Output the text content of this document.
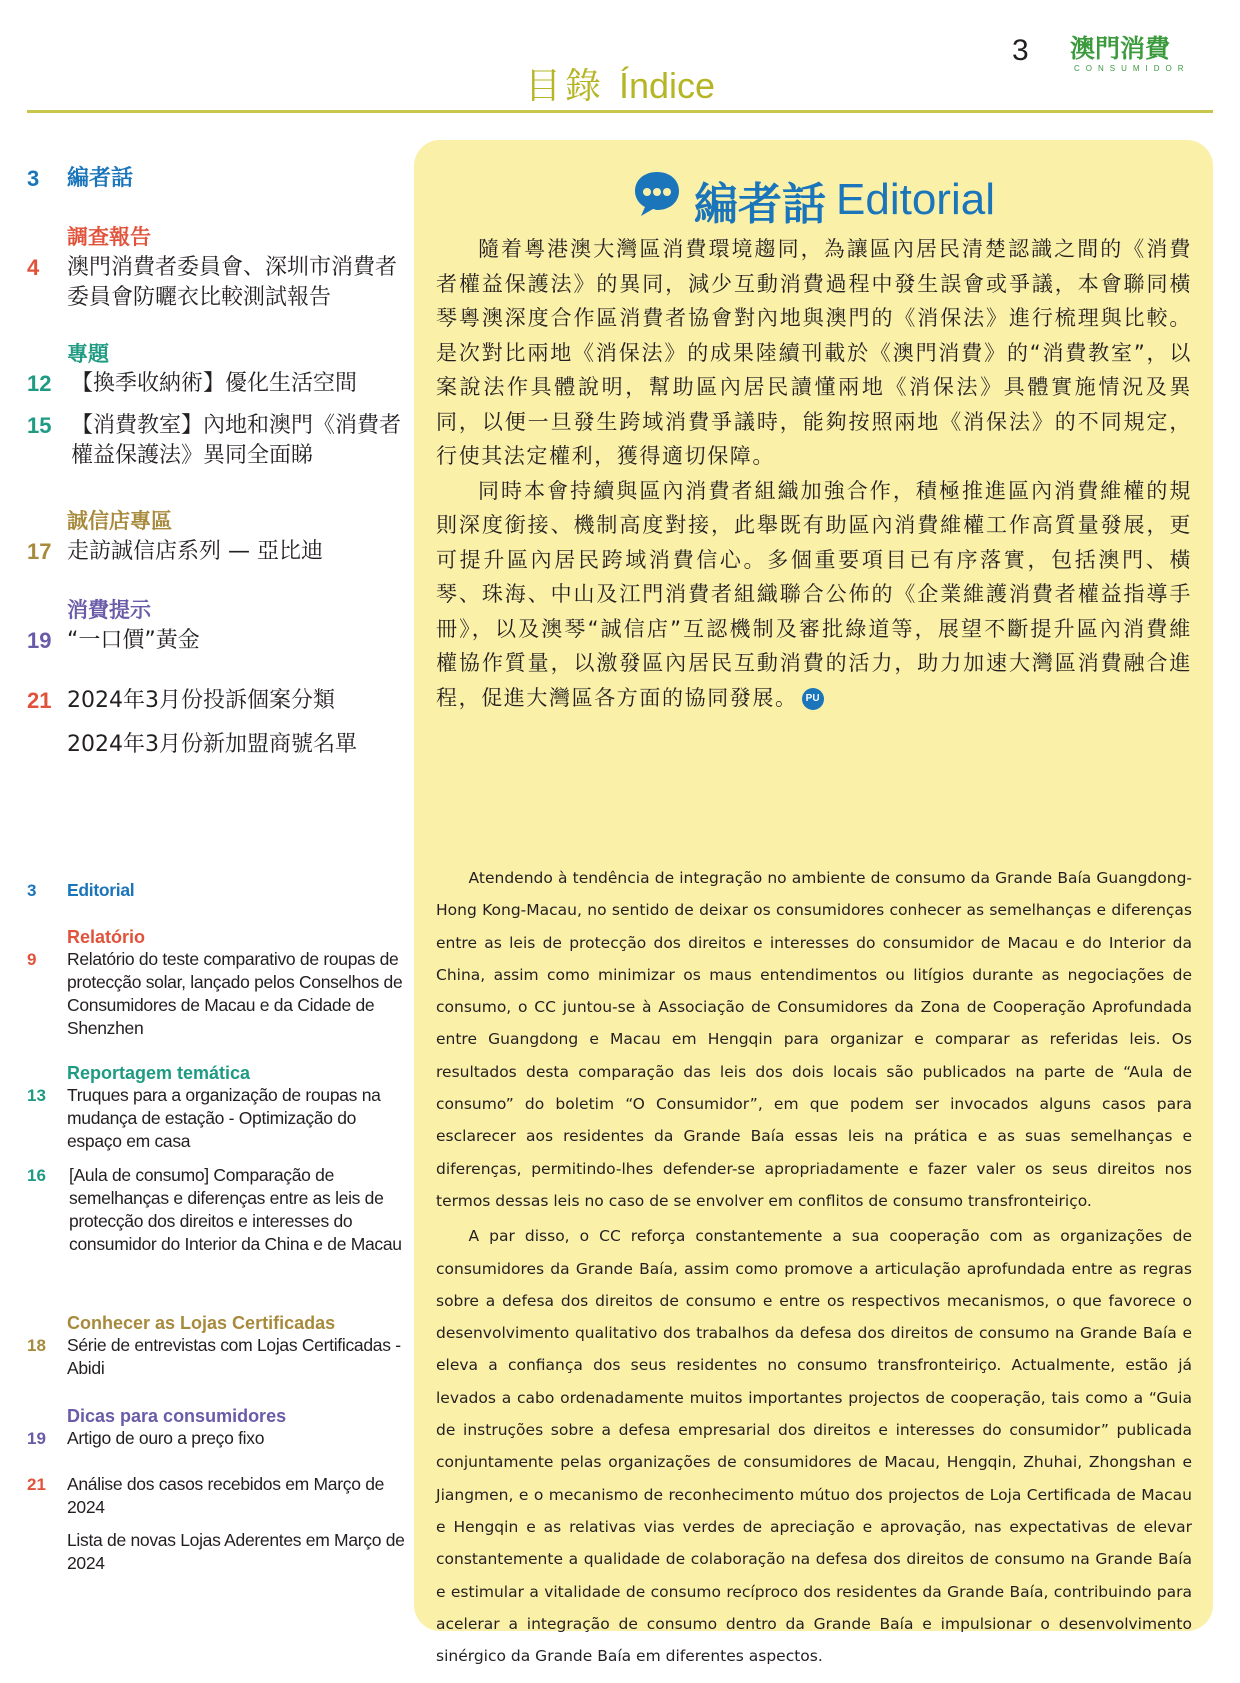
3 澳門消費
CONSUMIDOR
目錄 Índice
3 編者話
調查報告
4 澳門消費者委員會、深圳市消費者委員會防曬衣比較測試報告
專題
12 【換季收納術】優化生活空間
15 【消費教室】內地和澳門《消費者權益保護法》異同全面睇
誠信店專區
17 走訪誠信店系列 — 亞比迪
消費提示
19 “一口價”黃金
21 2024年3月份投訴個案分類
2024年3月份新加盟商號名單
3 Editorial
Relatório
9 Relatório do teste comparativo de roupas de protecção solar, lançado pelos Conselhos de Consumidores de Macau e da Cidade de Shenzhen
Reportagem temática
13 Truques para a organização de roupas na mudança de estação - Optimização do espaço em casa
16 [Aula de consumo] Comparação de semelhanças e diferenças entre as leis de protecção dos direitos e interesses do consumidor do Interior da China e de Macau
Conhecer as Lojas Certificadas
18 Série de entrevistas com Lojas Certificadas - Abidi
Dicas para consumidores
19 Artigo de ouro a preço fixo
21 Análise dos casos recebidos em Março de 2024
Lista de novas Lojas Aderentes em Março de 2024
編者話 Editorial

隨着粵港澳大灣區消費環境趨同，為讓區內居民清楚認識之間的《消費者權益保護法》的異同，減少互動消費過程中發生誤會或爭議，本會聯同橫琴粵澳深度合作區消費者協會對內地與澳門的《消保法》進行梳理與比較。是次對比兩地《消保法》的成果陸續刊載於《澳門消費》的“消費教室”，以案說法作具體說明，幫助區內居民讀懂兩地《消保法》具體實施情況及異同，以便一旦發生跨域消費爭議時，能夠按照兩地《消保法》的不同規定，行使其法定權利，獲得適切保障。

同時本會持續與區內消費者組織加強合作，積極推進區內消費維權的規則深度銜接、機制高度對接，此舉既有助區內消費維權工作高質量發展，更可提升區內居民跨域消費信心。多個重要項目已有序落實，包括澳門、橫琴、珠海、中山及江門消費者組織聯合公佈的《企業維護消費者權益指導手冊》，以及澳琴“誠信店”互認機制及審批綠道等，展望不斷提升區內消費維權協作質量，以激發區內居民互動消費的活力，助力加速大灣區消費融合進程，促進大灣區各方面的協同發展。 PU

Atendendo à tendência de integração no ambiente de consumo da Grande Baía Guangdong-Hong Kong-Macau, no sentido de deixar os consumidores conhecer as semelhanças e diferenças entre as leis de protecção dos direitos e interesses do consumidor de Macau e do Interior da China, assim como minimizar os maus entendimentos ou litígios durante as negociações de consumo, o CC juntou-se à Associação de Consumidores da Zona de Cooperação Aprofundada entre Guangdong e Macau em Hengqin para organizar e comparar as referidas leis. Os resultados desta comparação das leis dos dois locais são publicados na parte de “Aula de consumo” do boletim “O Consumidor”, em que podem ser invocados alguns casos para esclarecer aos residentes da Grande Baía essas leis na prática e as suas semelhanças e diferenças, permitindo-lhes defender-se apropriadamente e fazer valer os seus direitos nos termos dessas leis no caso de se envolver em conflitos de consumo transfronteiriço.

A par disso, o CC reforça constantemente a sua cooperação com as organizações de consumidores da Grande Baía, assim como promove a articulação aprofundada entre as regras sobre a defesa dos direitos de consumo e entre os respectivos mecanismos, o que favorece o desenvolvimento qualitativo dos trabalhos da defesa dos direitos de consumo na Grande Baía e eleva a confiança dos seus residentes no consumo transfronteiriço. Actualmente, estão já levados a cabo ordenadamente muitos importantes projectos de cooperação, tais como a “Guia de instruções sobre a defesa empresarial dos direitos e interesses do consumidor” publicada conjuntamente pelas organizações de consumidores de Macau, Hengqin, Zhuhai, Zhongshan e Jiangmen, e o mecanismo de reconhecimento mútuo dos projectos de Loja Certificada de Macau e Hengqin e as relativas vias verdes de apreciação e aprovação, nas expectativas de elevar constantemente a qualidade de colaboração na defesa dos direitos de consumo na Grande Baía e estimular a vitalidade de consumo recíproco dos residentes da Grande Baía, contribuindo para acelerar a integração de consumo dentro da Grande Baía e impulsionar o desenvolvimento sinérgico da Grande Baía em diferentes aspectos.
